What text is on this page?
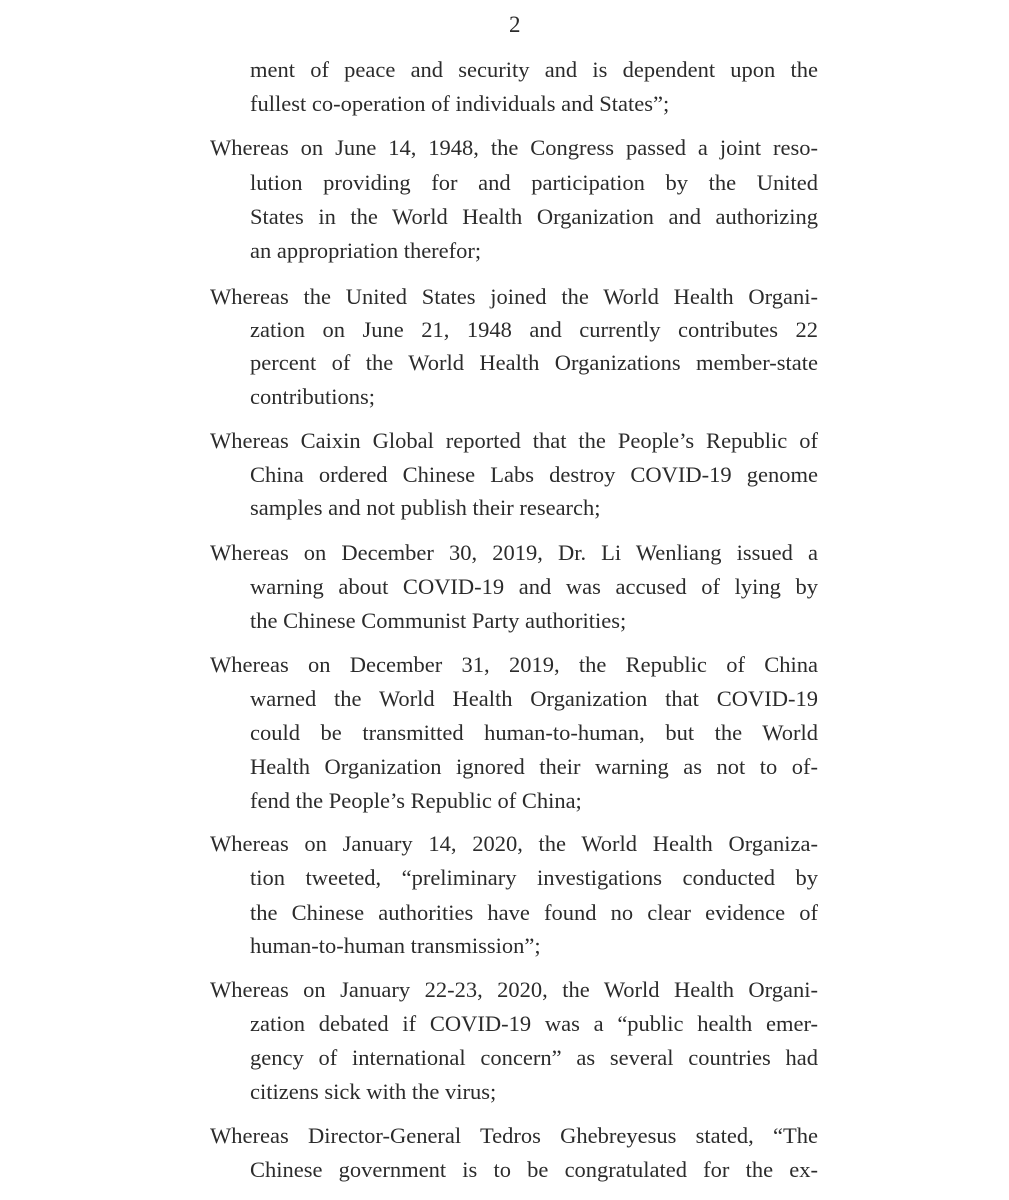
2
ment of peace and security and is dependent upon the
fullest co-operation of individuals and States”;
Whereas on June 14, 1948, the Congress passed a joint reso-
lution providing for and participation by the United
States in the World Health Organization and authorizing
an appropriation therefor;
Whereas the United States joined the World Health Organi-
zation on June 21, 1948 and currently contributes 22
percent of the World Health Organizations member-state
contributions;
Whereas Caixin Global reported that the People’s Republic of
China ordered Chinese Labs destroy COVID-19 genome
samples and not publish their research;
Whereas on December 30, 2019, Dr. Li Wenliang issued a
warning about COVID-19 and was accused of lying by
the Chinese Communist Party authorities;
Whereas on December 31, 2019, the Republic of China
warned the World Health Organization that COVID-19
could be transmitted human-to-human, but the World
Health Organization ignored their warning as not to of-
fend the People’s Republic of China;
Whereas on January 14, 2020, the World Health Organiza-
tion tweeted, “preliminary investigations conducted by
the Chinese authorities have found no clear evidence of
human-to-human transmission”;
Whereas on January 22-23, 2020, the World Health Organi-
zation debated if COVID-19 was a “public health emer-
gency of international concern” as several countries had
citizens sick with the virus;
Whereas Director-General Tedros Ghebreyesus stated, “The
Chinese government is to be congratulated for the ex-
